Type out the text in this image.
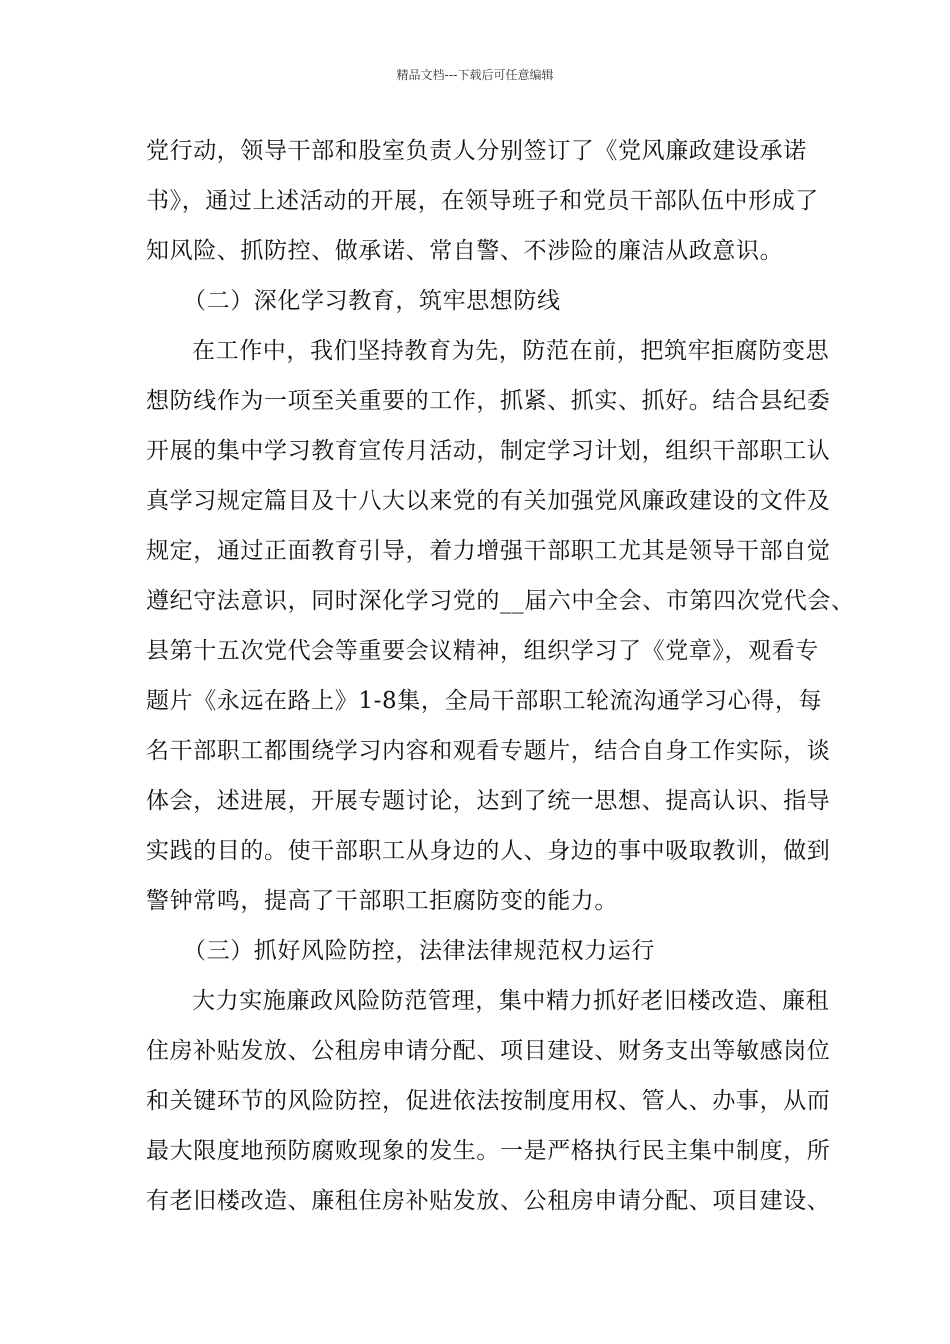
精品文档---下载后可任意编辑
党行动，领导干部和股室负责人分别签订了《党风廉政建设承诺
书》，通过上述活动的开展，在领导班子和党员干部队伍中形成了
知风险、抓防控、做承诺、常自警、不涉险的廉洁从政意识。
（二）深化学习教育，筑牢思想防线
在工作中，我们坚持教育为先，防范在前，把筑牢拒腐防变思
想防线作为一项至关重要的工作，抓紧、抓实、抓好。结合县纪委
开展的集中学习教育宣传月活动，制定学习计划，组织干部职工认
真学习规定篇目及十八大以来党的有关加强党风廉政建设的文件及
规定，通过正面教育引导，着力增强干部职工尤其是领导干部自觉
遵纪守法意识，同时深化学习党的__届六中全会、市第四次党代会、
县第十五次党代会等重要会议精神，组织学习了《党章》，观看专
题片《永远在路上》1-8集，全局干部职工轮流沟通学习心得，每
名干部职工都围绕学习内容和观看专题片，结合自身工作实际，谈
体会，述进展，开展专题讨论，达到了统一思想、提高认识、指导
实践的目的。使干部职工从身边的人、身边的事中吸取教训，做到
警钟常鸣，提高了干部职工拒腐防变的能力。
（三）抓好风险防控，法律法律规范权力运行
大力实施廉政风险防范管理，集中精力抓好老旧楼改造、廉租
住房补贴发放、公租房申请分配、项目建设、财务支出等敏感岗位
和关键环节的风险防控，促进依法按制度用权、管人、办事，从而
最大限度地预防腐败现象的发生。一是严格执行民主集中制度，所
有老旧楼改造、廉租住房补贴发放、公租房申请分配、项目建设、
